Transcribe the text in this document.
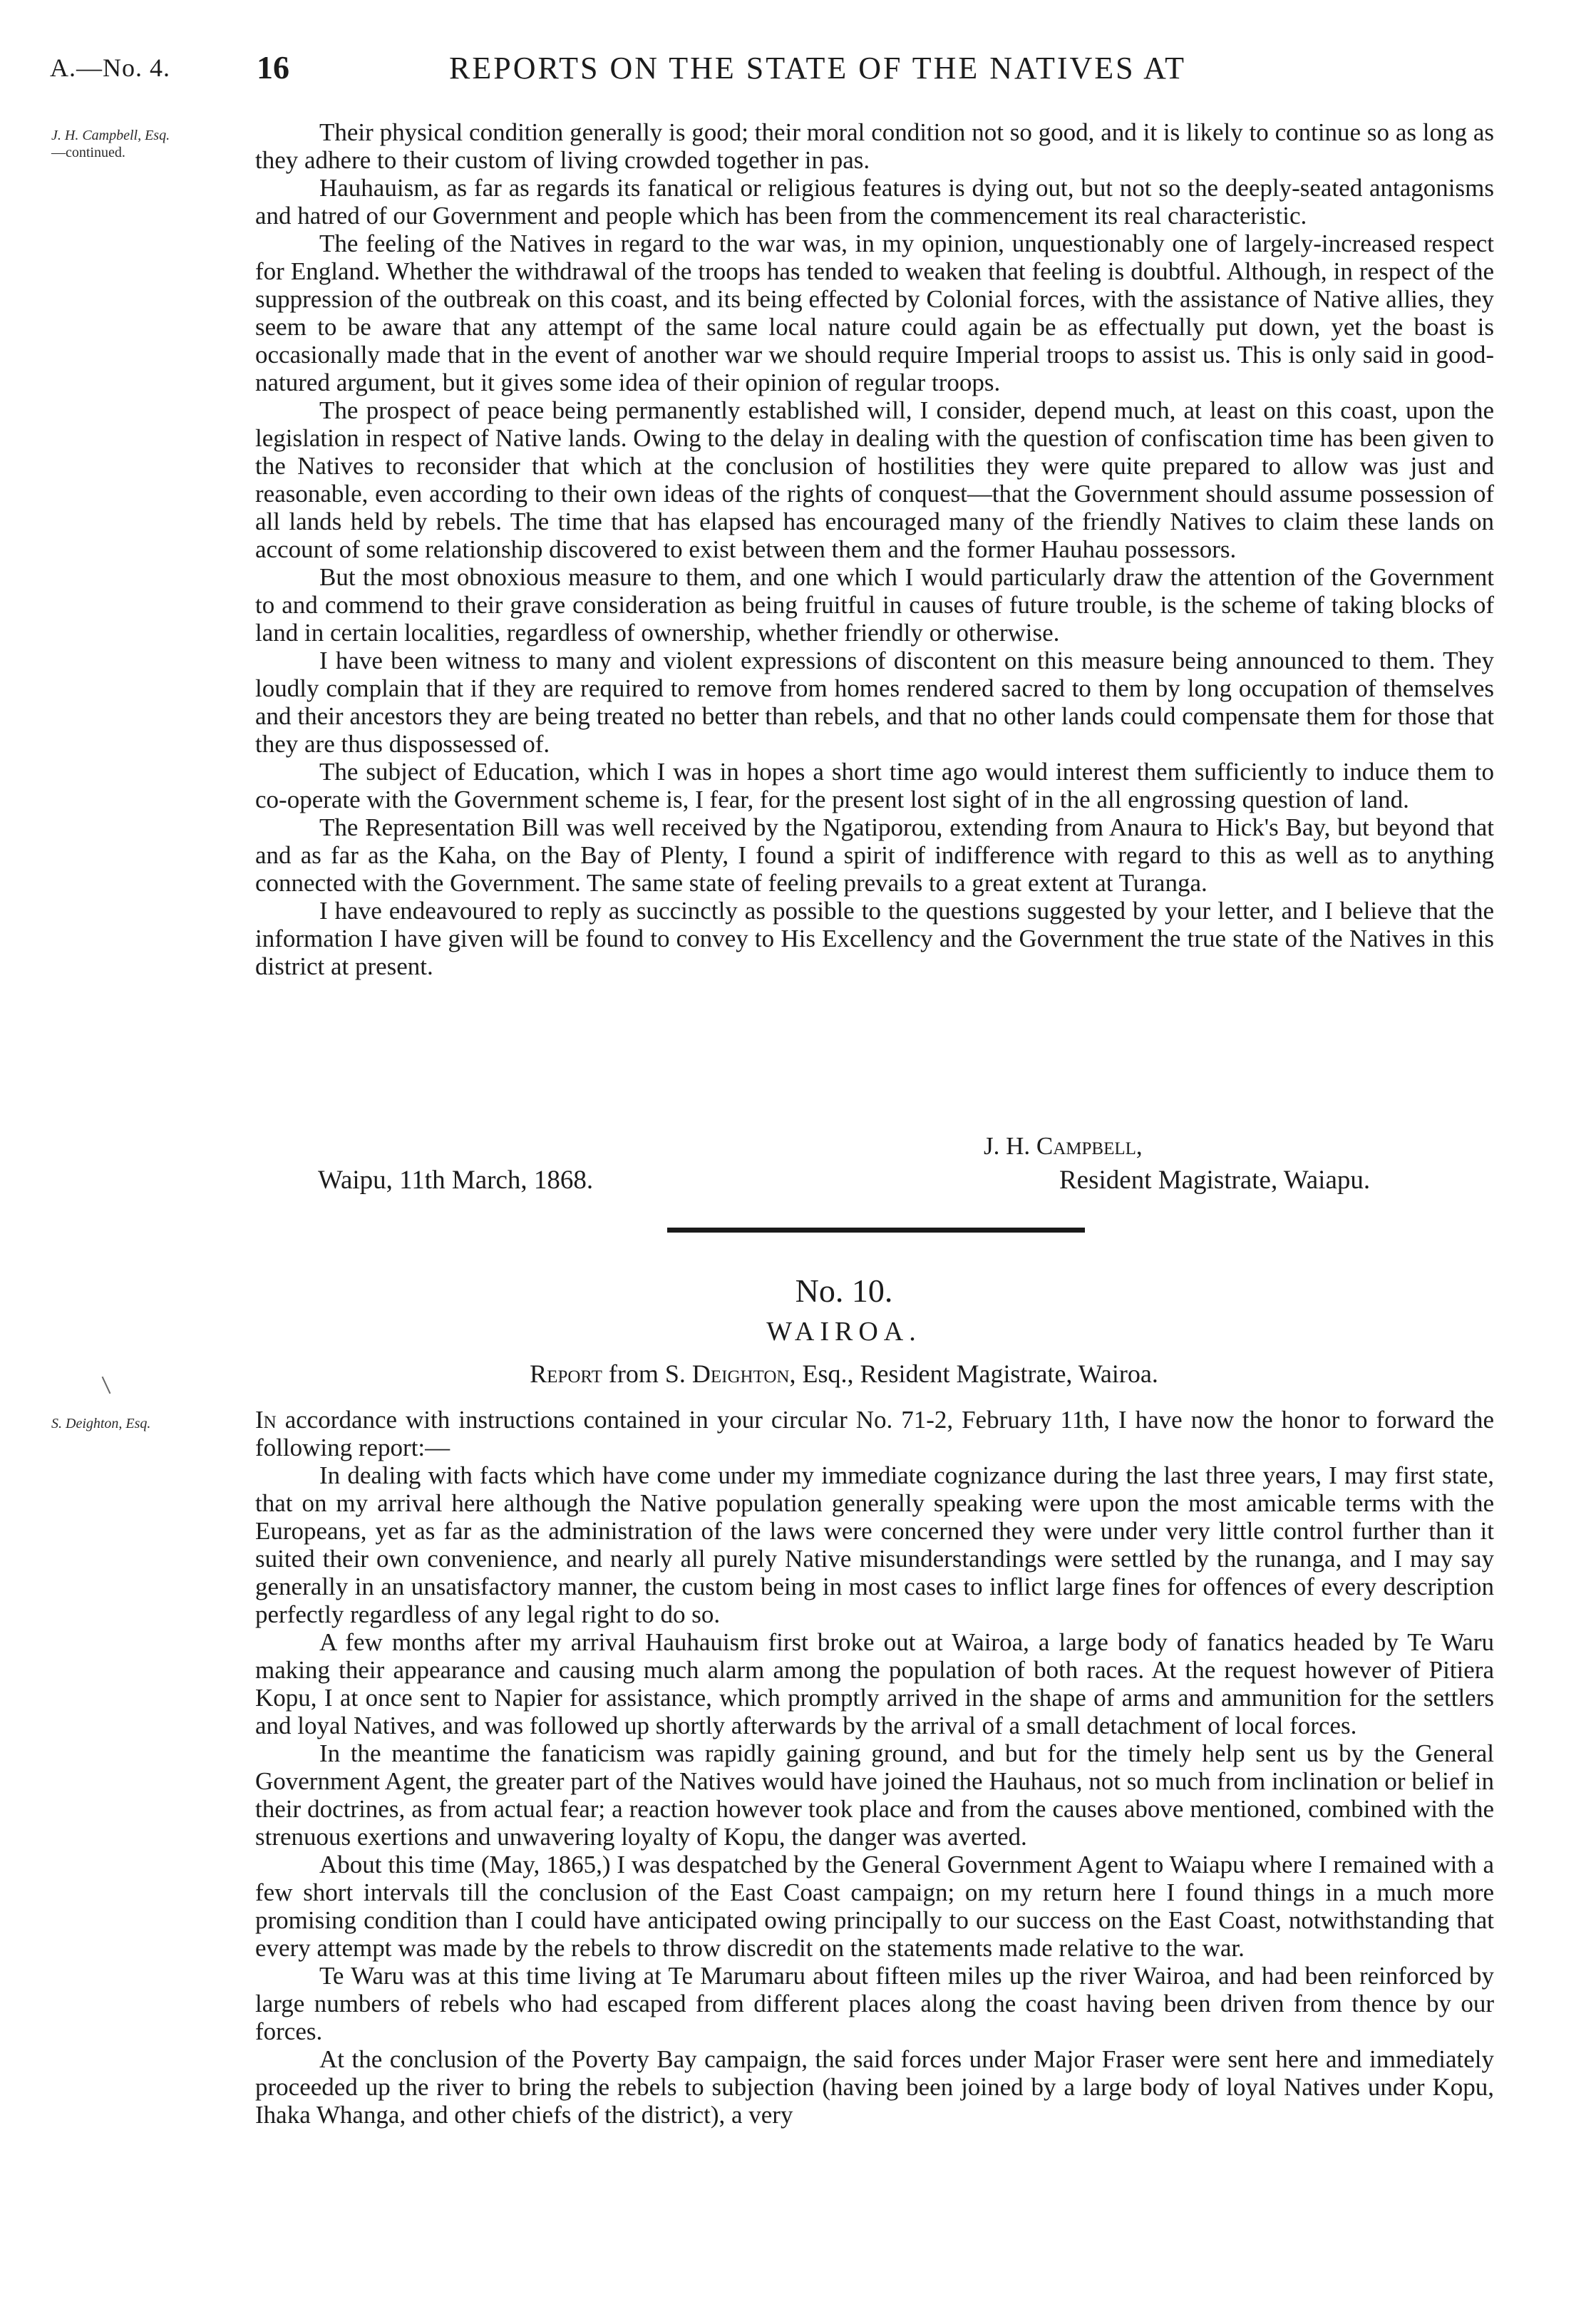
A.—No. 4.	16	REPORTS ON THE STATE OF THE NATIVES AT
J. H. Campbell, Esq.
—continued.
S. Deighton, Esq.

Their physical condition generally is good; their moral condition not so good, and it is likely to continue so as long as they adhere to their custom of living crowded together in pas.

Hauhauism, as far as regards its fanatical or religious features is dying out, but not so the deeply-seated antagonisms and hatred of our Government and people which has been from the commencement its real characteristic.

The feeling of the Natives in regard to the war was, in my opinion, unquestionably one of largely-increased respect for England. Whether the withdrawal of the troops has tended to weaken that feeling is doubtful. Although, in respect of the suppression of the outbreak on this coast, and its being effected by Colonial forces, with the assistance of Native allies, they seem to be aware that any attempt of the same local nature could again be as effectually put down, yet the boast is occasionally made that in the event of another war we should require Imperial troops to assist us. This is only said in good-natured argument, but it gives some idea of their opinion of regular troops.

The prospect of peace being permanently established will, I consider, depend much, at least on this coast, upon the legislation in respect of Native lands. Owing to the delay in dealing with the question of confiscation time has been given to the Natives to reconsider that which at the conclusion of hostilities they were quite prepared to allow was just and reasonable, even according to their own ideas of the rights of conquest—that the Government should assume possession of all lands held by rebels. The time that has elapsed has encouraged many of the friendly Natives to claim these lands on account of some relationship discovered to exist between them and the former Hauhau possessors.

But the most obnoxious measure to them, and one which I would particularly draw the attention of the Government to and commend to their grave consideration as being fruitful in causes of future trouble, is the scheme of taking blocks of land in certain localities, regardless of ownership, whether friendly or otherwise.

I have been witness to many and violent expressions of discontent on this measure being announced to them. They loudly complain that if they are required to remove from homes rendered sacred to them by long occupation of themselves and their ancestors they are being treated no better than rebels, and that no other lands could compensate them for those that they are thus dispossessed of.

The subject of Education, which I was in hopes a short time ago would interest them sufficiently to induce them to co-operate with the Government scheme is, I fear, for the present lost sight of in the all engrossing question of land.

The Representation Bill was well received by the Ngatiporou, extending from Anaura to Hick's Bay, but beyond that and as far as the Kaha, on the Bay of Plenty, I found a spirit of indifference with regard to this as well as to anything connected with the Government. The same state of feeling prevails to a great extent at Turanga.

I have endeavoured to reply as succinctly as possible to the questions suggested by your letter, and I believe that the information I have given will be found to convey to His Excellency and the Government the true state of the Natives in this district at present.

J. H. Campbell,
Waipu, 11th March, 1868.	Resident Magistrate, Waiapu.
No. 10.
WAIROA.
Report from S. Deighton, Esq., Resident Magistrate, Wairoa.

In accordance with instructions contained in your circular No. 71-2, February 11th, I have now the honor to forward the following report:—

In dealing with facts which have come under my immediate cognizance during the last three years, I may first state, that on my arrival here although the Native population generally speaking were upon the most amicable terms with the Europeans, yet as far as the administration of the laws were concerned they were under very little control further than it suited their own convenience, and nearly all purely Native misunderstandings were settled by the runanga, and I may say generally in an unsatisfactory manner, the custom being in most cases to inflict large fines for offences of every description perfectly regardless of any legal right to do so.

A few months after my arrival Hauhauism first broke out at Wairoa, a large body of fanatics headed by Te Waru making their appearance and causing much alarm among the population of both races. At the request however of Pitiera Kopu, I at once sent to Napier for assistance, which promptly arrived in the shape of arms and ammunition for the settlers and loyal Natives, and was followed up shortly afterwards by the arrival of a small detachment of local forces.

In the meantime the fanaticism was rapidly gaining ground, and but for the timely help sent us by the General Government Agent, the greater part of the Natives would have joined the Hauhaus, not so much from inclination or belief in their doctrines, as from actual fear; a reaction however took place and from the causes above mentioned, combined with the strenuous exertions and unwavering loyalty of Kopu, the danger was averted.

About this time (May, 1865,) I was despatched by the General Government Agent to Waiapu where I remained with a few short intervals till the conclusion of the East Coast campaign; on my return here I found things in a much more promising condition than I could have anticipated owing principally to our success on the East Coast, notwithstanding that every attempt was made by the rebels to throw discredit on the statements made relative to the war.

Te Waru was at this time living at Te Marumaru about fifteen miles up the river Wairoa, and had been reinforced by large numbers of rebels who had escaped from different places along the coast having been driven from thence by our forces.

At the conclusion of the Poverty Bay campaign, the said forces under Major Fraser were sent here and immediately proceeded up the river to bring the rebels to subjection (having been joined by a large body of loyal Natives under Kopu, Ihaka Whanga, and other chiefs of the district), a very
